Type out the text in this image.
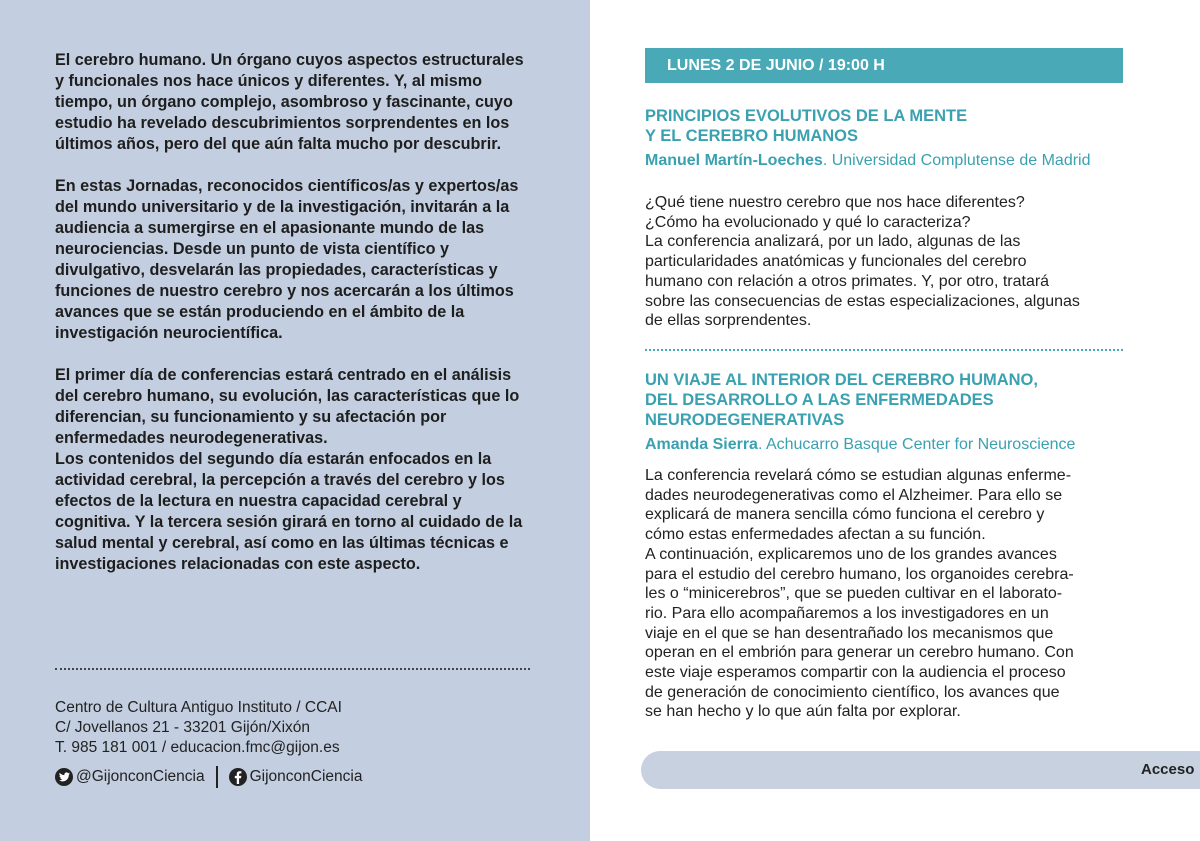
El cerebro humano. Un órgano cuyos aspectos estructurales y funcionales nos hace únicos y diferentes. Y, al mismo tiempo, un órgano complejo, asombroso y fascinante, cuyo estudio ha revelado descubrimientos sorprendentes en los últimos años, pero del que aún falta mucho por descubrir.

En estas Jornadas, reconocidos científicos/as y expertos/as del mundo universitario y de la investigación, invitarán a la audiencia a sumergirse en el apasionante mundo de las neurociencias. Desde un punto de vista científico y divulgativo, desvelarán las propiedades, características y funciones de nuestro cerebro y nos acercarán a los últimos avances que se están produciendo en el ámbito de la investigación neurocientífica.

El primer día de conferencias estará centrado en el análisis del cerebro humano, su evolución, las características que lo diferencian, su funcionamiento y su afectación por enfermedades neurodegenerativas.

Los contenidos del segundo día estarán enfocados en la actividad cerebral, la percepción a través del cerebro y los efectos de la lectura en nuestra capacidad cerebral y cognitiva. Y la tercera sesión girará en torno al cuidado de la salud mental y cerebral, así como en las últimas técnicas e investigaciones relacionadas con este aspecto.

Centro de Cultura Antiguo Instituto / CCAI
C/ Jovellanos 21 - 33201 Gijón/Xixón
T. 985 181 001 / educacion.fmc@gijon.es
@GijonconCiencia	GijonconCiencia
LUNES 2 DE JUNIO / 19:00 H
PRINCIPIOS EVOLUTIVOS DE LA MENTE
Y EL CEREBRO HUMANOS
Manuel Martín-Loeches. Universidad Complutense de Madrid
¿Qué tiene nuestro cerebro que nos hace diferentes?
¿Cómo ha evolucionado y qué lo caracteriza?
La conferencia analizará, por un lado, algunas de las
particularidades anatómicas y funcionales del cerebro
humano con relación a otros primates. Y, por otro, tratará
sobre las consecuencias de estas especializaciones, algunas
de ellas sorprendentes.
UN VIAJE AL INTERIOR DEL CEREBRO HUMANO,
DEL DESARROLLO A LAS ENFERMEDADES
NEURODEGENERATIVAS
Amanda Sierra. Achucarro Basque Center for Neuroscience
La conferencia revelará cómo se estudian algunas enferme-
dades neurodegenerativas como el Alzheimer. Para ello se
explicará de manera sencilla cómo funciona el cerebro y
cómo estas enfermedades afectan a su función.
A continuación, explicaremos uno de los grandes avances
para el estudio del cerebro humano, los organoides cerebra-
les o “minicerebros”, que se pueden cultivar en el laborato-
rio. Para ello acompañaremos a los investigadores en un
viaje en el que se han desentrañado los mecanismos que
operan en el embrión para generar un cerebro humano. Con
este viaje esperamos compartir con la audiencia el proceso
de generación de conocimiento científico, los avances que
se han hecho y lo que aún falta por explorar.
Acceso
